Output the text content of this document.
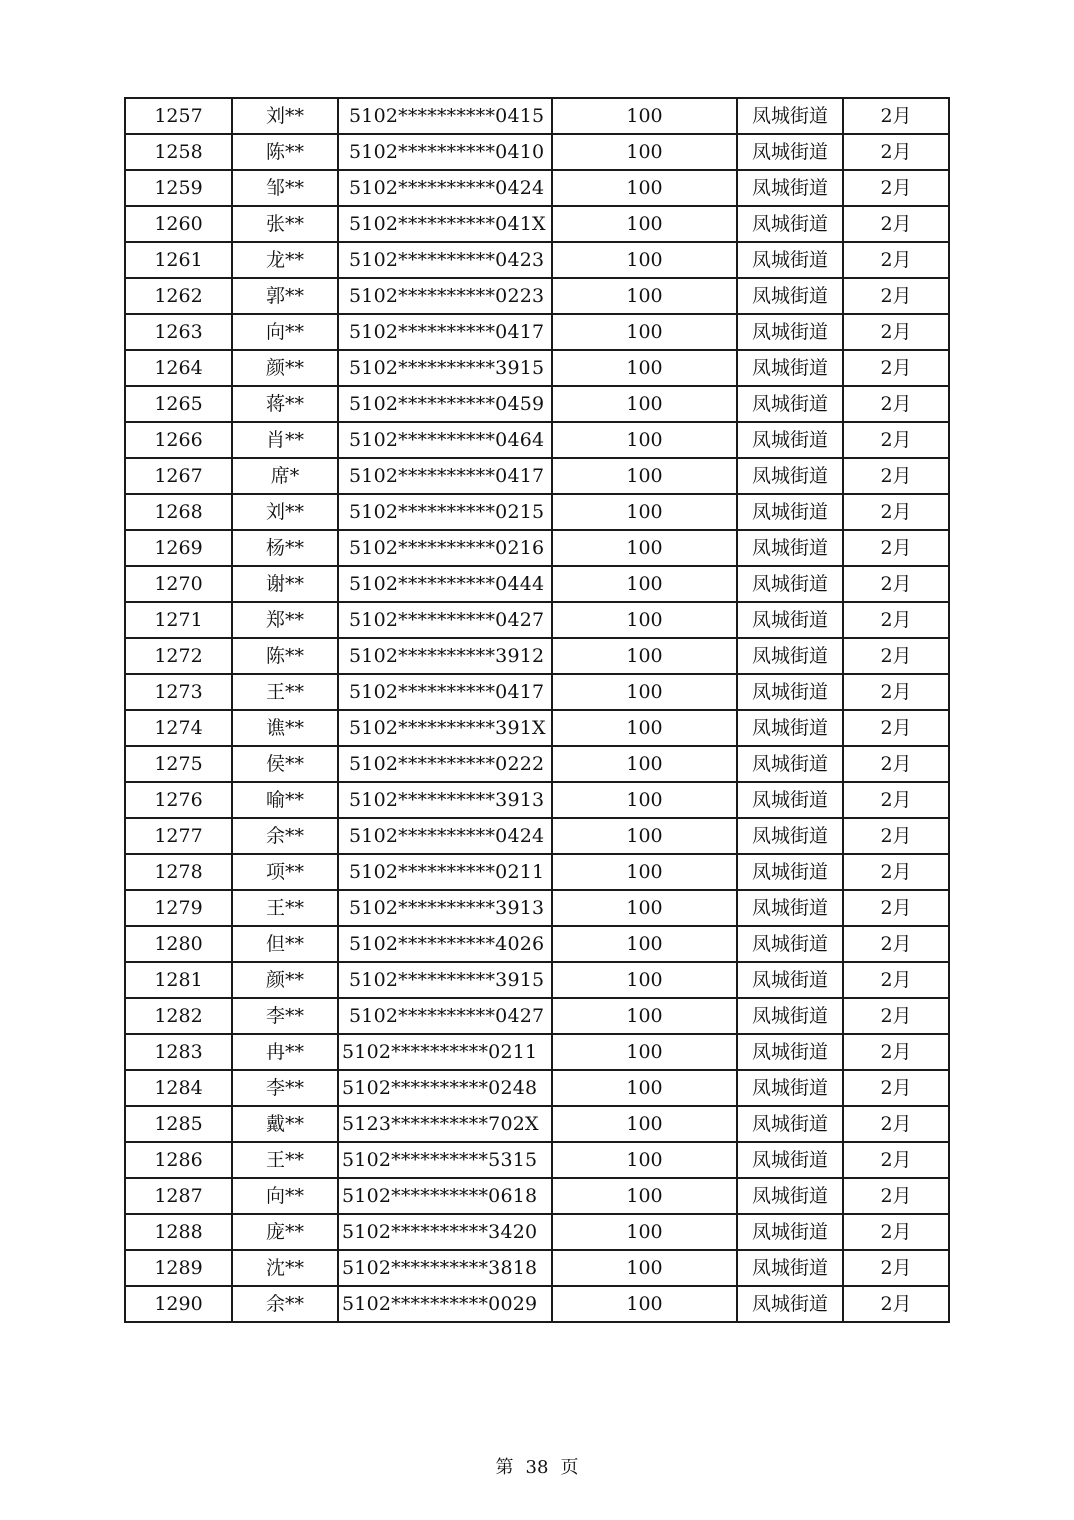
1257	刘**	5102**********0415	100	凤城街道	2月
1258	陈**	5102**********0410	100	凤城街道	2月
1259	邹**	5102**********0424	100	凤城街道	2月
1260	张**	5102**********041X	100	凤城街道	2月
1261	龙**	5102**********0423	100	凤城街道	2月
1262	郭**	5102**********0223	100	凤城街道	2月
1263	向**	5102**********0417	100	凤城街道	2月
1264	颜**	5102**********3915	100	凤城街道	2月
1265	蒋**	5102**********0459	100	凤城街道	2月
1266	肖**	5102**********0464	100	凤城街道	2月
1267	席*	5102**********0417	100	凤城街道	2月
1268	刘**	5102**********0215	100	凤城街道	2月
1269	杨**	5102**********0216	100	凤城街道	2月
1270	谢**	5102**********0444	100	凤城街道	2月
1271	郑**	5102**********0427	100	凤城街道	2月
1272	陈**	5102**********3912	100	凤城街道	2月
1273	王**	5102**********0417	100	凤城街道	2月
1274	谯**	5102**********391X	100	凤城街道	2月
1275	侯**	5102**********0222	100	凤城街道	2月
1276	喻**	5102**********3913	100	凤城街道	2月
1277	余**	5102**********0424	100	凤城街道	2月
1278	项**	5102**********0211	100	凤城街道	2月
1279	王**	5102**********3913	100	凤城街道	2月
1280	但**	5102**********4026	100	凤城街道	2月
1281	颜**	5102**********3915	100	凤城街道	2月
1282	李**	5102**********0427	100	凤城街道	2月
1283	冉**	5102**********0211	100	凤城街道	2月
1284	李**	5102**********0248	100	凤城街道	2月
1285	戴**	5123**********702X	100	凤城街道	2月
1286	王**	5102**********5315	100	凤城街道	2月
1287	向**	5102**********0618	100	凤城街道	2月
1288	庞**	5102**********3420	100	凤城街道	2月
1289	沈**	5102**********3818	100	凤城街道	2月
1290	余**	5102**********0029	100	凤城街道	2月
第 38 页
